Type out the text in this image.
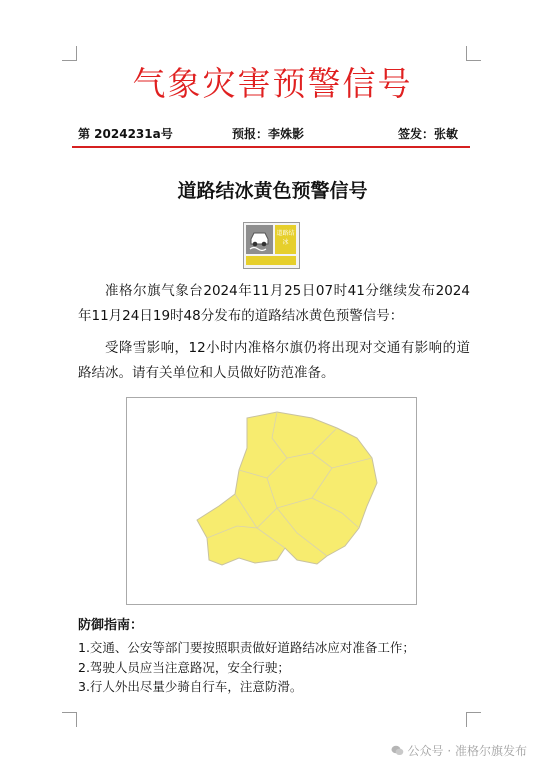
气象灾害预警信号
第 2024231a号	预报：李姝影	签发：张敏
道路结冰黄色预警信号
道路结冰

准格尔旗气象台2024年11月25日07时41分继续发布2024年11月24日19时48分发布的道路结冰黄色预警信号：

受降雪影响，12小时内准格尔旗仍将出现对交通有影响的道路结冰。请有关单位和人员做好防范准备。

防御指南：
1.交通、公安等部门要按照职责做好道路结冰应对准备工作；
2.驾驶人员应当注意路况，安全行驶；
3.行人外出尽量少骑自行车，注意防滑。
公众号 · 准格尔旗发布
